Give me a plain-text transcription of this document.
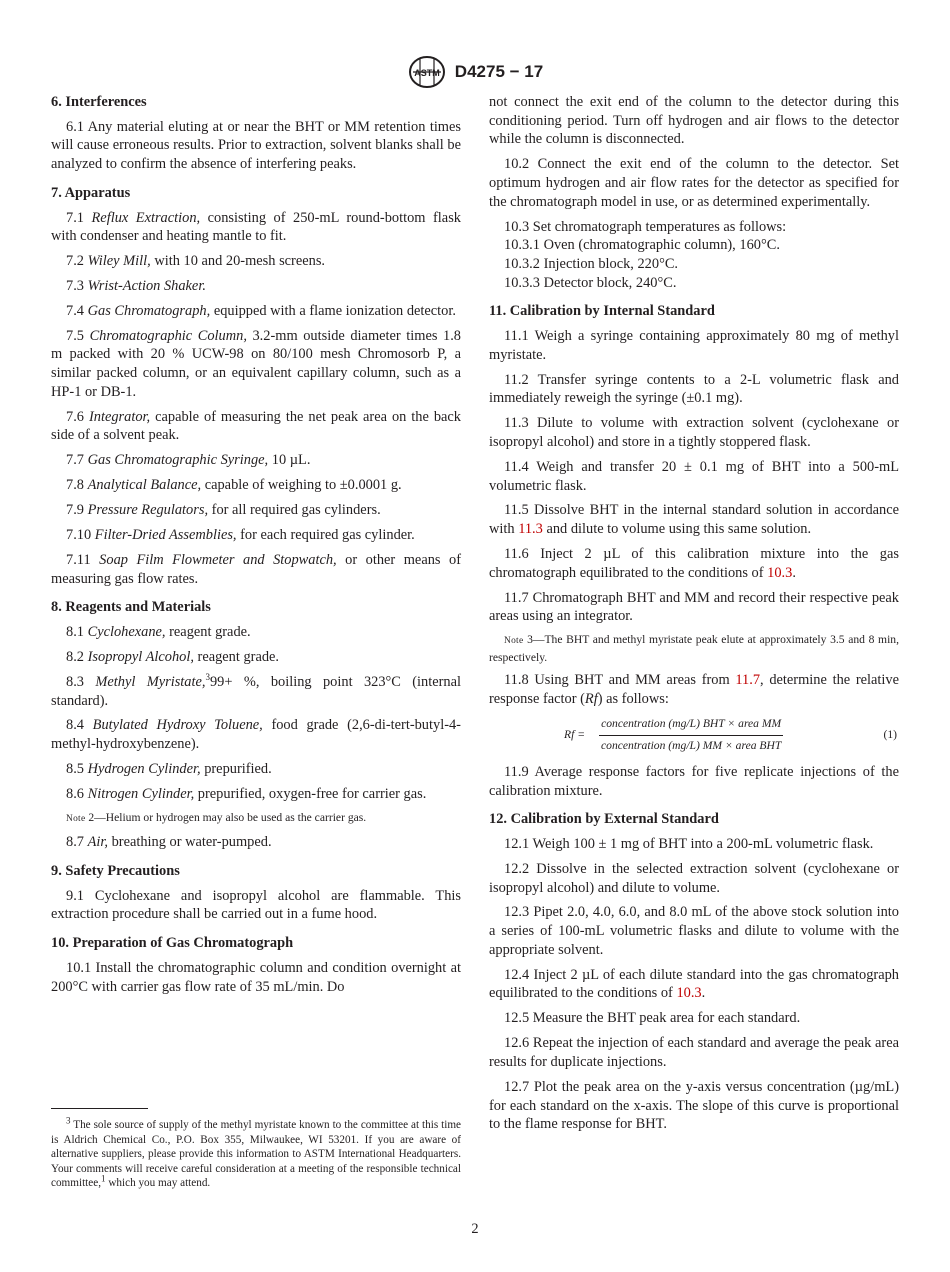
ASTM D4275 − 17
6. Interferences

6.1 Any material eluting at or near the BHT or MM retention times will cause erroneous results. Prior to extraction, solvent blanks shall be analyzed to confirm the absence of interfering peaks.

7. Apparatus

7.1 Reflux Extraction, consisting of 250-mL round-bottom flask with condenser and heating mantle to fit.

7.2 Wiley Mill, with 10 and 20-mesh screens.

7.3 Wrist-Action Shaker.

7.4 Gas Chromatograph, equipped with a flame ionization detector.

7.5 Chromatographic Column, 3.2-mm outside diameter times 1.8 m packed with 20 % UCW-98 on 80/100 mesh Chromosorb P, a similar packed column, or an equivalent capillary column, such as a HP-1 or DB-1.

7.6 Integrator, capable of measuring the net peak area on the back side of a solvent peak.

7.7 Gas Chromatographic Syringe, 10 µL.

7.8 Analytical Balance, capable of weighing to ±0.0001 g.

7.9 Pressure Regulators, for all required gas cylinders.

7.10 Filter-Dried Assemblies, for each required gas cylinder.

7.11 Soap Film Flowmeter and Stopwatch, or other means of measuring gas flow rates.

8. Reagents and Materials

8.1 Cyclohexane, reagent grade.

8.2 Isopropyl Alcohol, reagent grade.

8.3 Methyl Myristate,$^3$99+ %, boiling point 323°C (internal standard).

8.4 Butylated Hydroxy Toluene, food grade (2,6-di-tert-butyl-4-methyl-hydroxybenzene).

8.5 Hydrogen Cylinder, prepurified.

8.6 Nitrogen Cylinder, prepurified, oxygen-free for carrier gas.

Note 2—Helium or hydrogen may also be used as the carrier gas.

8.7 Air, breathing or water-pumped.

9. Safety Precautions

9.1 Cyclohexane and isopropyl alcohol are flammable. This extraction procedure shall be carried out in a fume hood.

10. Preparation of Gas Chromatograph

10.1 Install the chromatographic column and condition overnight at 200°C with carrier gas flow rate of 35 mL/min. Do

not connect the exit end of the column to the detector during this conditioning period. Turn off hydrogen and air flows to the detector while the column is disconnected.

10.2 Connect the exit end of the column to the detector. Set optimum hydrogen and air flow rates for the detector as specified for the chromatograph model in use, or as determined experimentally.

10.3 Set chromatograph temperatures as follows:

10.3.1 Oven (chromatographic column), 160°C.

10.3.2 Injection block, 220°C.

10.3.3 Detector block, 240°C.

11. Calibration by Internal Standard

11.1 Weigh a syringe containing approximately 80 mg of methyl myristate.

11.2 Transfer syringe contents to a 2-L volumetric flask and immediately reweigh the syringe (±0.1 mg).

11.3 Dilute to volume with extraction solvent (cyclohexane or isopropyl alcohol) and store in a tightly stoppered flask.

11.4 Weigh and transfer 20 ± 0.1 mg of BHT into a 500-mL volumetric flask.

11.5 Dissolve BHT in the internal standard solution in accordance with 11.3 and dilute to volume using this same solution.

11.6 Inject 2 µL of this calibration mixture into the gas chromatograph equilibrated to the conditions of 10.3.

11.7 Chromatograph BHT and MM and record their respective peak areas using an integrator.

Note 3—The BHT and methyl myristate peak elute at approximately 3.5 and 8 min, respectively.

11.8 Using BHT and MM areas from 11.7, determine the relative response factor (Rf) as follows:

Rf =
concentration (mg/L) BHT × area MM
concentration (mg/L) MM × area BHT
(1)

11.9 Average response factors for five replicate injections of the calibration mixture.

12. Calibration by External Standard

12.1 Weigh 100 ± 1 mg of BHT into a 200-mL volumetric flask.

12.2 Dissolve in the selected extraction solvent (cyclohexane or isopropyl alcohol) and dilute to volume.

12.3 Pipet 2.0, 4.0, 6.0, and 8.0 mL of the above stock solution into a series of 100-mL volumetric flasks and dilute to volume with the appropriate solvent.

12.4 Inject 2 µL of each dilute standard into the gas chromatograph equilibrated to the conditions of 10.3.

12.5 Measure the BHT peak area for each standard.

12.6 Repeat the injection of each standard and average the peak area results for duplicate injections.

12.7 Plot the peak area on the y-axis versus concentration (µg/mL) for each standard on the x-axis. The slope of this curve is proportional to the flame response for BHT.

$^3$ The sole source of supply of the methyl myristate known to the committee at this time is Aldrich Chemical Co., P.O. Box 355, Milwaukee, WI 53201. If you are aware of alternative suppliers, please provide this information to ASTM International Headquarters. Your comments will receive careful consideration at a meeting of the responsible technical committee,$^1$ which you may attend.
2
